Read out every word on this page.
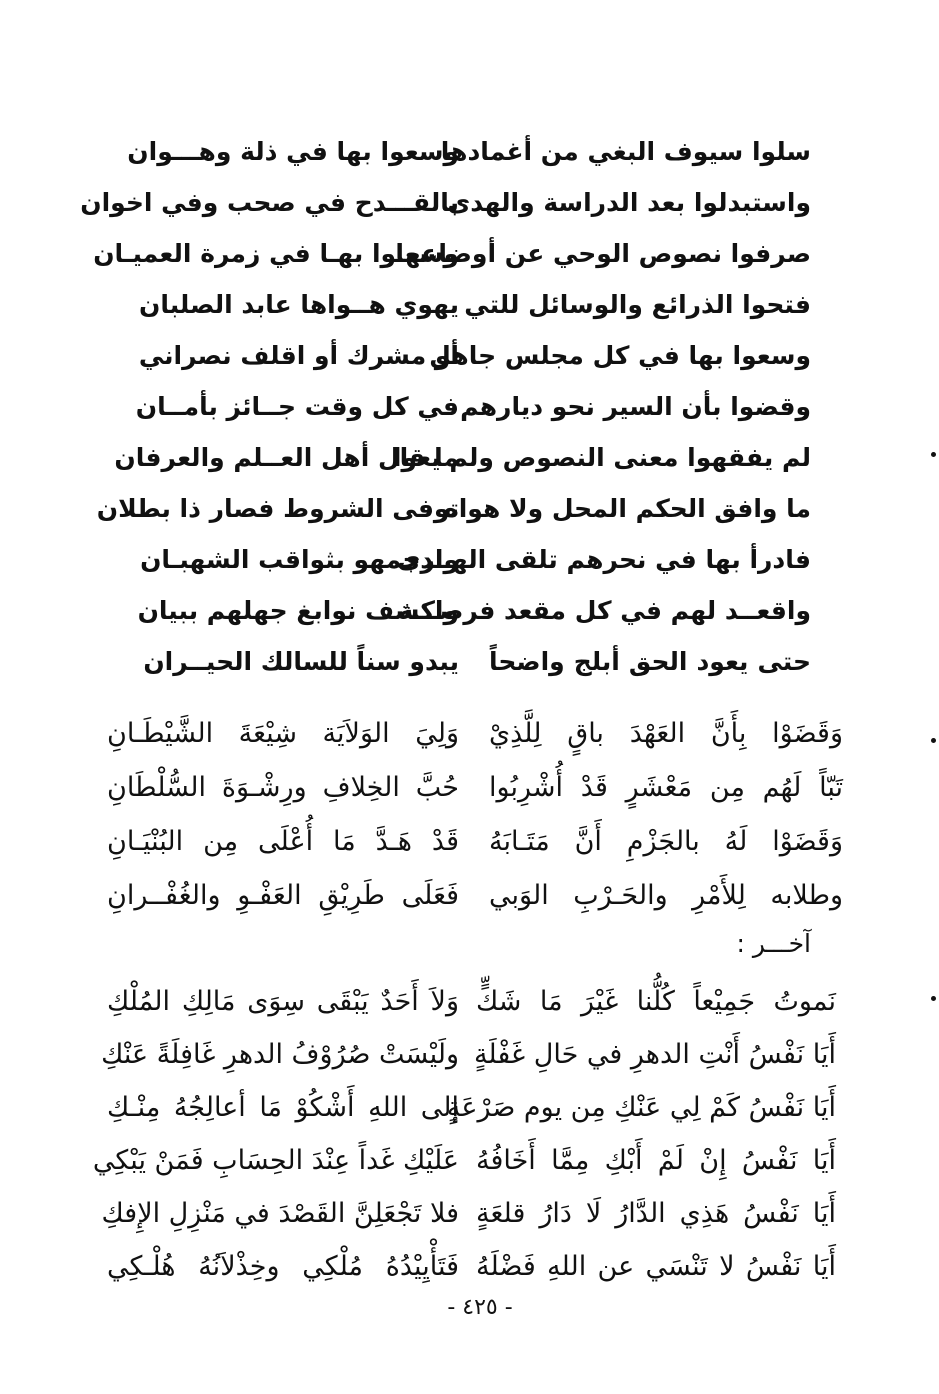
سلوا سيوف البغي من أغمادها
وسعوا بها في ذلة وهـــوان
واستبدلوا بعد الدراسة والهدى
بالقـــدح في صحب وفي اخوان
صرفوا نصوص الوحي عن أوضاعها
وسعـوا بهـا في زمرة العميـان
فتحوا الذرائع والوسائل للتي
يهوي هــواها عابد الصلبان
وسعوا بها في كل مجلس جاهل
أو مشرك أو اقلف نصراني
وقضوا بأن السير نحو ديارهم
في كل وقت جــائز بأمــان
لم يفقهوا معنى النصوص ولم يعوا
ما قال أهل العــلم والعرفان
ما وافق الحكم المحل ولا هواه
توفى الشروط فصار ذا بطلان
فادرأ بها في نحرهم تلقى الهــدى
وارجمهو بثواقب الشهبـان
واقعــد لهم في كل مقعد فرصـــة
واكشف نوابغ جهلهم ببيان
حتى يعود الحق أبلج واضحاً
يبدو سناً للسالك الحيــران
وَقَضَوْا بِأَنَّ العَهْدَ باقٍ لِلَّذِيْ
وَلِيَ الوَلاَيَة شِيْعَةَ الشَّيْطَـانِ
تَبّاً لَهُم مِن مَعْشَرٍ قَدْ أُشْرِبُوا
حُبَّ الخِلافِ ورِشْـوَةَ السُّلْطَانِ
وَقَضَوْا لَهُ بالجَزْمِ أَنَّ مَتَـابَهُ
قَدْ هَـدَّ مَا أُعْلَى مِن البُنْيَـانِ
وطلابه لِلأَمْرِ والحَـرْبِ الوَبي
فَعَلَى طَرِيْقِ العَفْـوِ والغُفْــرانِ
آخـــر :
نَموتُ جَمِيْعاً كُلُّنا غَيْرَ مَا شَكٍّ
وَلاَ أَحَدٌ يَبْقَى سِوَى مَالِكِ المُلْكِ
أَيَا نَفْسُ أَنْتِ الدهرِ في حَالِ غَفْلَةٍ
ولَيْسَتْ صُرُوْفُ الدهرِ غَافِلَةً عَنْكِ
أَيَا نَفْسُ كَمْ لِي عَنْكِ مِن يوم صَرْعَةٍ
إلى اللهِ أَشْكُوْ مَا أعالِجُهُ مِنْـكِ
أَيَا نَفْسُ إِنْ لَمْ أَبْكِ مِمَّا أَخَافُهُ
عَلَيْكِ غَداً عِنْدَ الحِسَابِ فَمَنْ يَبْكِي
أَيَا نَفْسُ هَذِي الدَّارُ لَا دَارُ قلعَةٍ
فلا تَجْعَلِنَّ القَصْدَ في مَنْزِلِ الإِفكِ
أَيَا نَفْسُ لا تَنْسَي عن اللهِ فَضْلَهُ
فَتَأْيِيْدُهُ مُلْكِي وخِذْلاَنُهُ هُلْـكِي
- ٤٢٥ -
